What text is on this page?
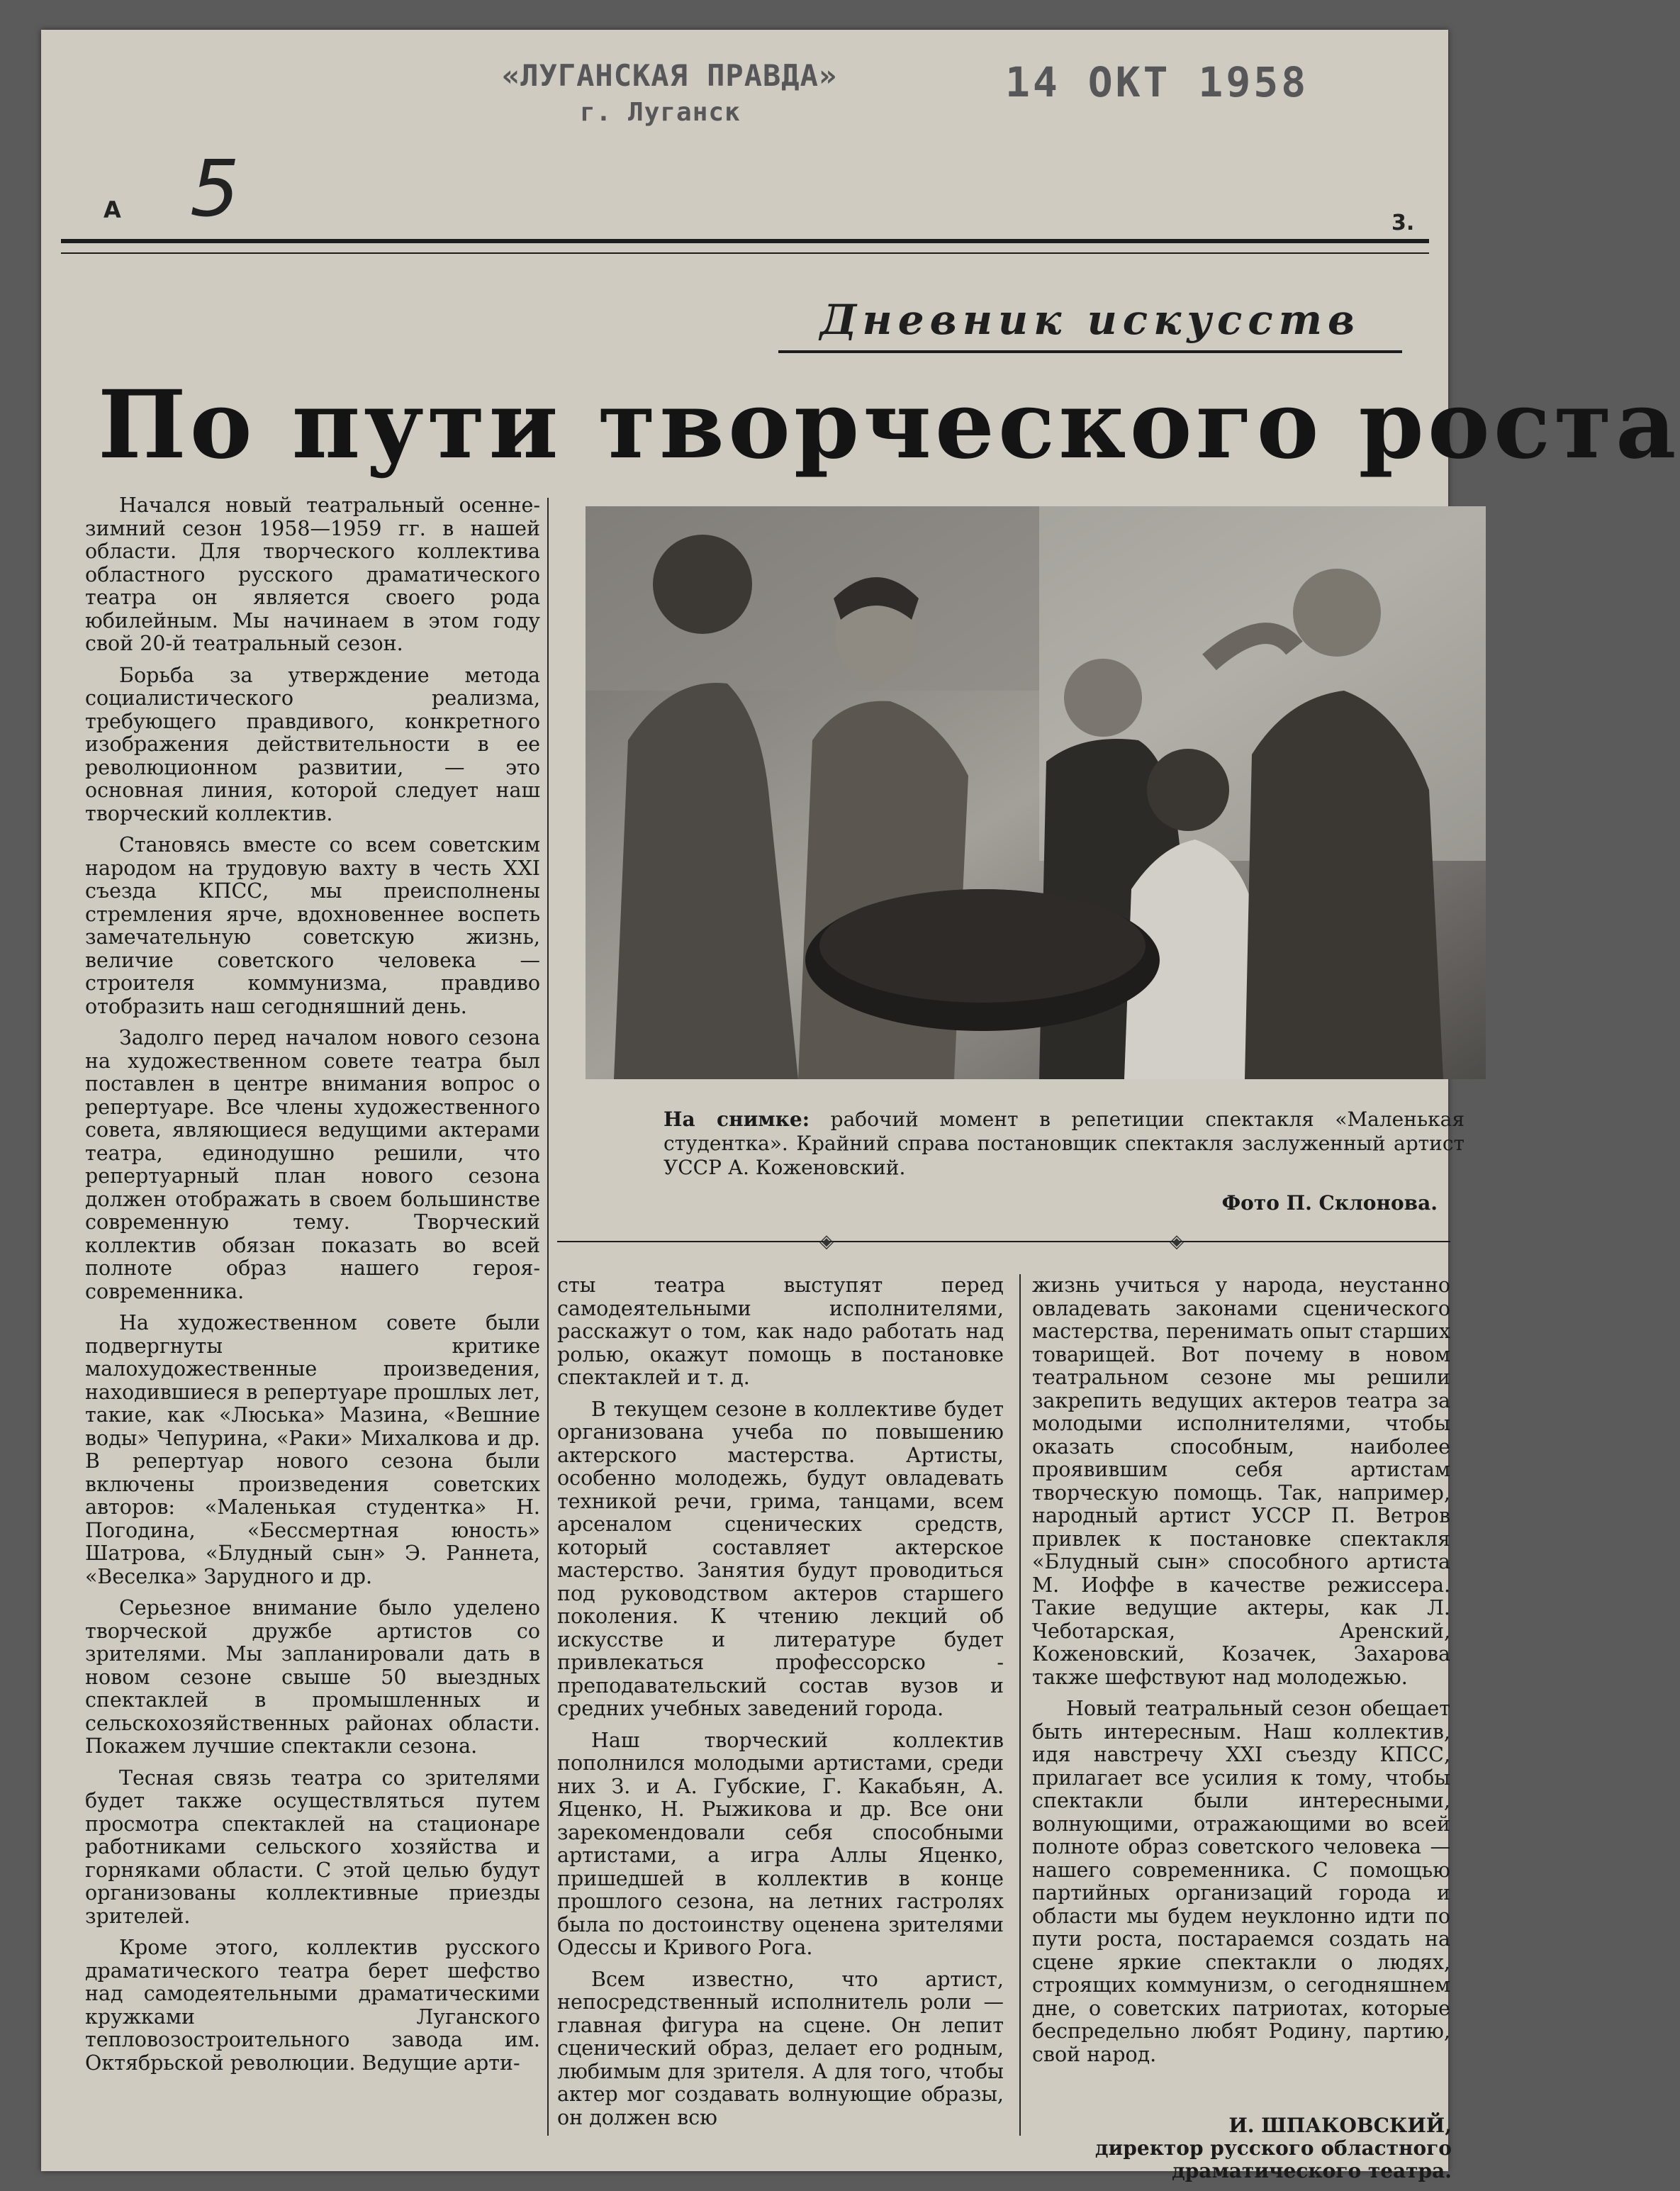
«ЛУГАНСКАЯ ПРАВДА»
г. Луганск
14 ОКТ 1958
5
А	3.
Дневник искусств
По пути творческого роста

Начался новый театральный осенне-зимний сезон 1958—1959 гг. в нашей области. Для творческого коллектива областного русского драматического театра он является своего рода юбилейным. Мы начинаем в этом году свой 20-й театральный сезон.

Борьба за утверждение метода социалистического реализма, требующего правдивого, конкретного изображения действительности в ее революционном развитии, — это основная линия, которой следует наш творческий коллектив.

Становясь вместе со всем советским народом на трудовую вахту в честь XXI съезда КПСС, мы преисполнены стремления ярче, вдохновеннее воспеть замечательную советскую жизнь, величие советского человека — строителя коммунизма, правдиво отобразить наш сегодняшний день.

Задолго перед началом нового сезона на художественном совете театра был поставлен в центре внимания вопрос о репертуаре. Все члены художественного совета, являющиеся ведущими актерами театра, единодушно решили, что репертуарный план нового сезона должен отображать в своем большинстве современную тему. Творческий коллектив обязан показать во всей полноте образ нашего героя-современника.

На художественном совете были подвергнуты критике малохудожественные произведения, находившиеся в репертуаре прошлых лет, такие, как «Люська» Мазина, «Вешние воды» Чепурина, «Раки» Михалкова и др. В репертуар нового сезона были включены произведения советских авторов: «Маленькая студентка» Н. Погодина, «Бессмертная юность» Шатрова, «Блудный сын» Э. Раннета, «Веселка» Зарудного и др.

Серьезное внимание было уделено творческой дружбе артистов со зрителями. Мы запланировали дать в новом сезоне свыше 50 выездных спектаклей в промышленных и сельскохозяйственных районах области. Покажем лучшие спектакли сезона.

Тесная связь театра со зрителями будет также осуществляться путем просмотра спектаклей на стационаре работниками сельского хозяйства и горняками области. С этой целью будут организованы коллективные приезды зрителей.

Кроме этого, коллектив русского драматического театра берет шефство над самодеятельными драматическими кружками Луганского тепловозостроительного завода им. Октябрьской революции. Ведущие арти-

На снимке: рабочий момент в репетиции спектакля «Маленькая студентка». Крайний справа постановщик спектакля заслуженный артист УССР А. Коженовский.
Фото П. Склонова.
◈	◈

сты театра выступят перед самодеятельными исполнителями, расскажут о том, как надо работать над ролью, окажут помощь в постановке спектаклей и т. д.

В текущем сезоне в коллективе будет организована учеба по повышению актерского мастерства. Артисты, особенно молодежь, будут овладевать техникой речи, грима, танцами, всем арсеналом сценических средств, который составляет актерское мастерство. Занятия будут проводиться под руководством актеров старшего поколения. К чтению лекций об искусстве и литературе будет привлекаться профессорско - преподавательский состав вузов и средних учебных заведений города.

Наш творческий коллектив пополнился молодыми артистами, среди них З. и А. Губские, Г. Какабьян, А. Яценко, Н. Рыжикова и др. Все они зарекомендовали себя способными артистами, а игра Аллы Яценко, пришедшей в коллектив в конце прошлого сезона, на летних гастролях была по достоинству оценена зрителями Одессы и Кривого Рога.

Всем известно, что артист, непосредственный исполнитель роли — главная фигура на сцене. Он лепит сценический образ, делает его родным, любимым для зрителя. А для того, чтобы актер мог создавать волнующие образы, он должен всю

жизнь учиться у народа, неустанно овладевать законами сценического мастерства, перенимать опыт старших товарищей. Вот почему в новом театральном сезоне мы решили закрепить ведущих актеров театра за молодыми исполнителями, чтобы оказать способным, наиболее проявившим себя артистам творческую помощь. Так, например, народный артист УССР П. Ветров привлек к постановке спектакля «Блудный сын» способного артиста М. Иоффе в качестве режиссера. Такие ведущие актеры, как Л. Чеботарская, Аренский, Коженовский, Козачек, Захарова также шефствуют над молодежью.

Новый театральный сезон обещает быть интересным. Наш коллектив, идя навстречу XXI съезду КПСС, прилагает все усилия к тому, чтобы спектакли были интересными, волнующими, отражающими во всей полноте образ советского человека — нашего современника. С помощью партийных организаций города и области мы будем неуклонно идти по пути роста, постараемся создать на сцене яркие спектакли о людях, строящих коммунизм, о сегодняшнем дне, о советских патриотах, которые беспредельно любят Родину, партию, свой народ.

И. ШПАКОВСКИЙ,
директор русского областного
драматического театра.
